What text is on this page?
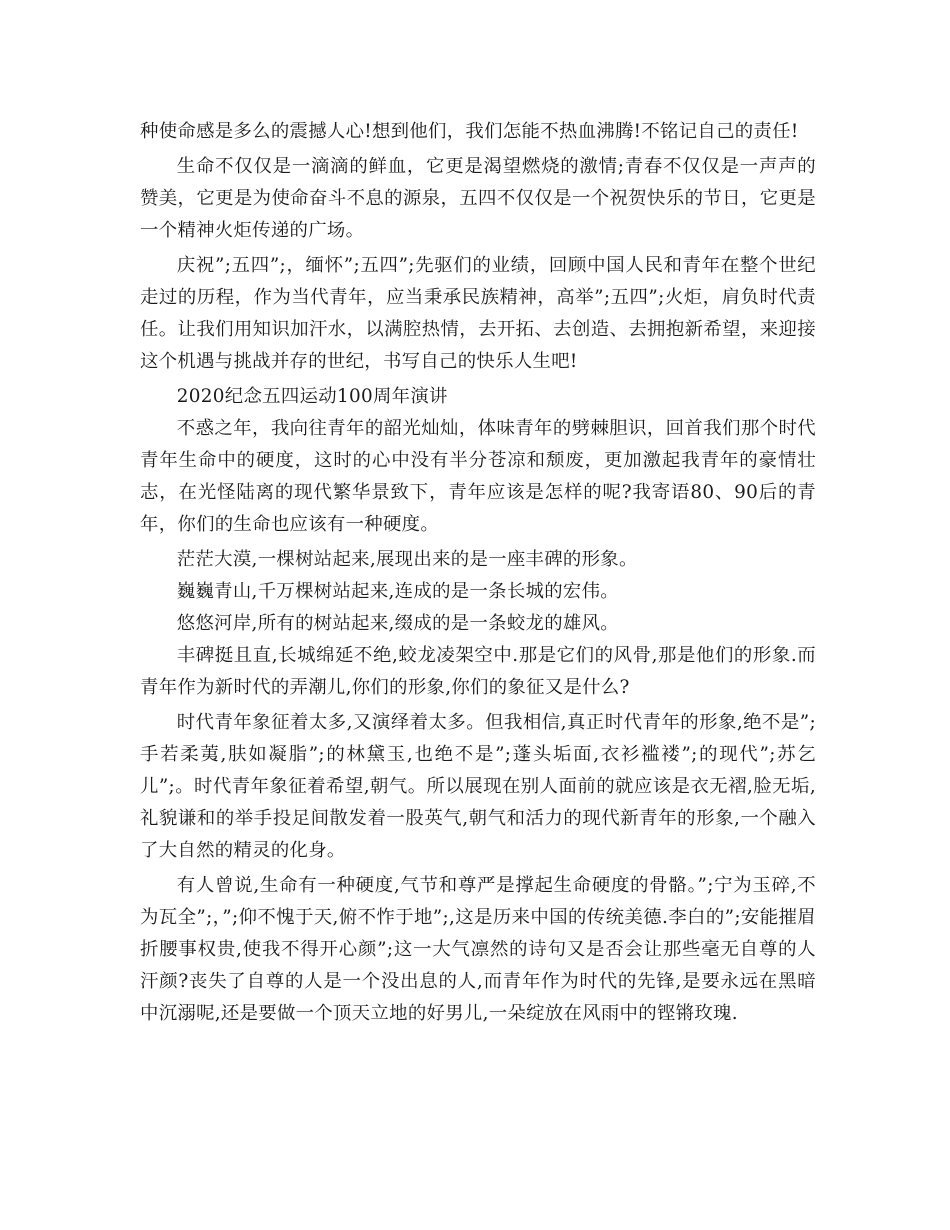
种使命感是多么的震撼人心!想到他们，我们怎能不热血沸腾!不铭记自己的责任!

生命不仅仅是一滴滴的鲜血，它更是渴望燃烧的激情;青春不仅仅是一声声的赞美，它更是为使命奋斗不息的源泉，五四不仅仅是一个祝贺快乐的节日，它更是一个精神火炬传递的广场。

庆祝”;五四”;，缅怀”;五四”;先驱们的业绩，回顾中国人民和青年在整个世纪走过的历程，作为当代青年，应当秉承民族精神，高举”;五四”;火炬，肩负时代责任。让我们用知识加汗水，以满腔热情，去开拓、去创造、去拥抱新希望，来迎接这个机遇与挑战并存的世纪，书写自己的快乐人生吧!

2020纪念五四运动100周年演讲

不惑之年，我向往青年的韶光灿灿，体味青年的劈棘胆识，回首我们那个时代青年生命中的硬度，这时的心中没有半分苍凉和颓废，更加激起我青年的豪情壮志，在光怪陆离的现代繁华景致下，青年应该是怎样的呢?我寄语80、90后的青年，你们的生命也应该有一种硬度。

茫茫大漠,一棵树站起来,展现出来的是一座丰碑的形象。

巍巍青山,千万棵树站起来,连成的是一条长城的宏伟。

悠悠河岸,所有的树站起来,缀成的是一条蛟龙的雄风。

丰碑挺且直,长城绵延不绝,蛟龙凌架空中.那是它们的风骨,那是他们的形象.而青年作为新时代的弄潮儿,你们的形象,你们的象征又是什么?

时代青年象征着太多,又演绎着太多。但我相信,真正时代青年的形象,绝不是”;手若柔荑,肤如凝脂”;的林黛玉,也绝不是”;蓬头垢面,衣衫褴褛”;的现代”;苏乞儿”;。时代青年象征着希望,朝气。所以展现在别人面前的就应该是衣无褶,脸无垢,礼貌谦和的举手投足间散发着一股英气,朝气和活力的现代新青年的形象,一个融入了大自然的精灵的化身。

有人曾说,生命有一种硬度,气节和尊严是撑起生命硬度的骨骼。”;宁为玉碎,不为瓦全”;，”;仰不愧于天,俯不怍于地”;,这是历来中国的传统美德.李白的”;安能摧眉折腰事权贵,使我不得开心颜”;这一大气凛然的诗句又是否会让那些毫无自尊的人汗颜?丧失了自尊的人是一个没出息的人,而青年作为时代的先锋,是要永远在黑暗中沉溺呢,还是要做一个顶天立地的好男儿,一朵绽放在风雨中的铿锵玫瑰.
